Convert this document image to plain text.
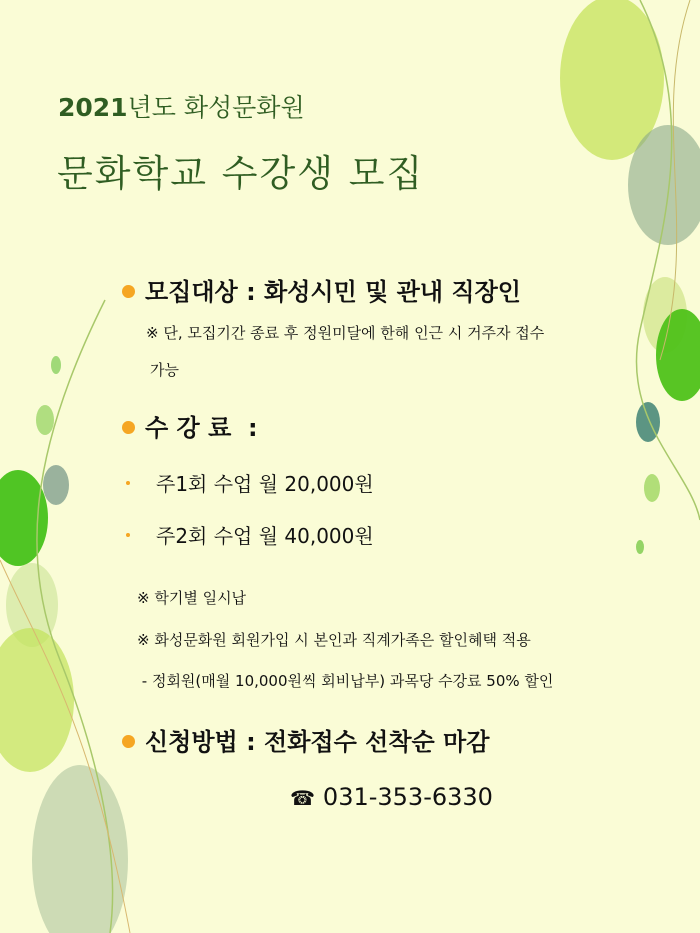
2021년도 화성문화원
문화학교 수강생 모집
모집대상 : 화성시민 및 관내 직장인
※ 단, 모집기간 종료 후 정원미달에 한해 인근 시 거주자 접수
가능
수 강 료  :
주1회 수업 월 20,000원
주2회 수업 월 40,000원
※ 학기별 일시납
※ 화성문화원 회원가입 시 본인과 직계가족은 할인혜택 적용
- 정회원(매월 10,000원씩 회비납부) 과목당 수강료 50% 할인
신청방법 : 전화접수 선착순 마감
☎ 031-353-6330
